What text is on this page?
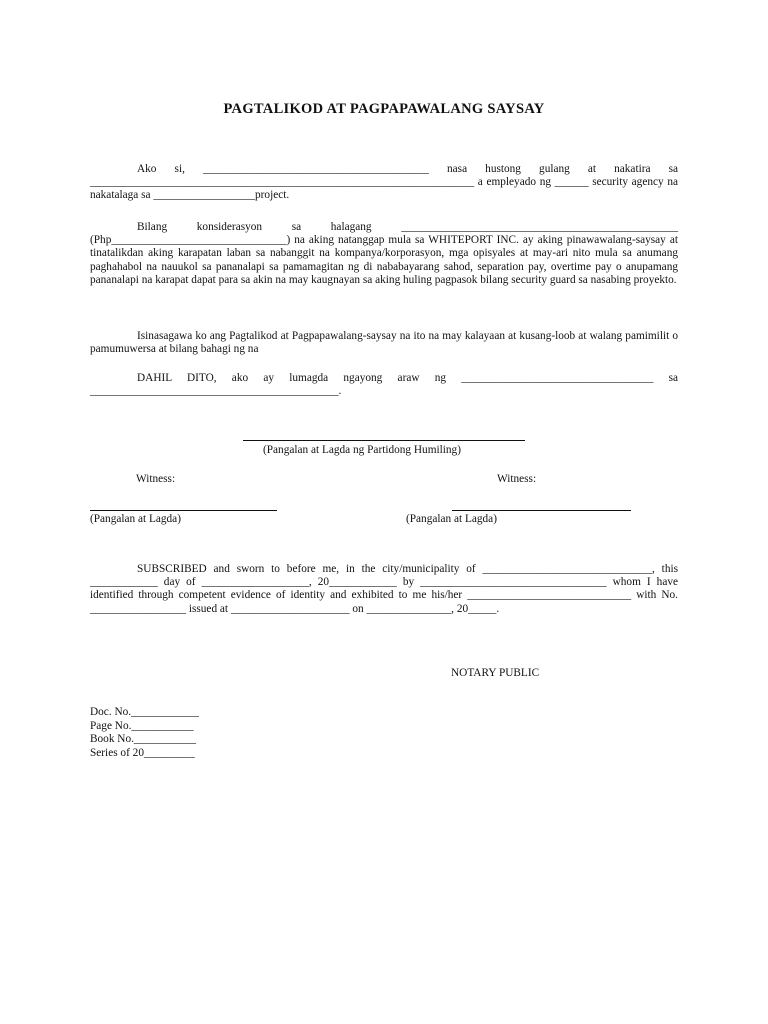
PAGTALIKOD AT PAGPAPAWALANG SAYSAY

Ako si, ________________________________________ nasa hustong gulang at nakatira sa ____________________________________________________________________ a empleyado ng ______ security agency na nakatalaga sa __________________project.

Bilang konsiderasyon sa halagang _________________________________________________ (Php_______________________________) na aking natanggap mula sa WHITEPORT INC. ay aking pinawawalang-saysay at tinatalikdan aking karapatan laban sa nabanggit na kompanya/korporasyon, mga opisyales at may-ari nito mula sa anumang paghahabol na nauukol sa pananalapi sa pamamagitan ng di nababayarang sahod, separation pay, overtime pay o anupamang pananalapi na karapat dapat para sa akin na may kaugnayan sa aking huling pagpasok bilang security guard sa nasabing proyekto.

Isinasagawa ko ang Pagtalikod at Pagpapawalang-saysay na ito na may kalayaan at kusang-loob at walang pamimilit o pamumuwersa at bilang bahagi ng na

DAHIL DITO, ako ay lumagda ngayong araw ng __________________________________ sa ____________________________________________.

(Pangalan at Lagda ng Partidong Humiling)
Witness:	Witness:
(Pangalan at Lagda)	(Pangalan at Lagda)

SUBSCRIBED and sworn to before me, in the city/municipality of ______________________________, this ____________ day of ___________________, 20____________ by _________________________________ whom I have identified through competent evidence of identity and exhibited to me his/her _____________________________ with No. _________________ issued at _____________________ on _______________, 20_____.

NOTARY PUBLIC
Doc. No.____________
Page No.___________
Book No.___________
Series of 20_________
